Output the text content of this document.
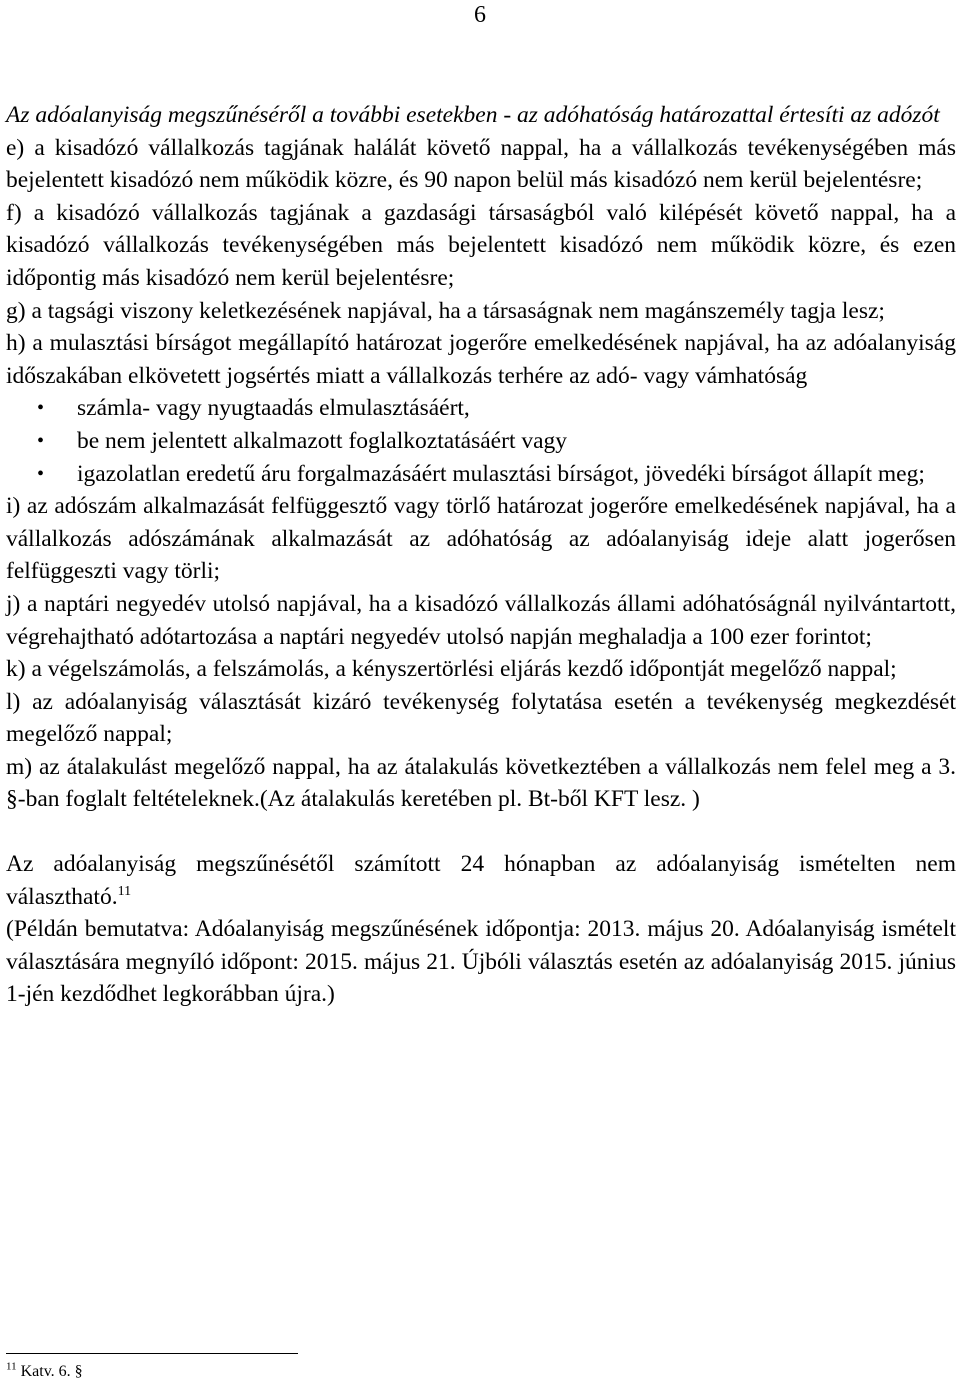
6

Az adóalanyiság megszűnéséről a további esetekben - az adóhatóság határozattal értesíti az adózót

e) a kisadózó vállalkozás tagjának halálát követő nappal, ha a vállalkozás tevékenységében más bejelentett kisadózó nem működik közre, és 90 napon belül más kisadózó nem kerül bejelentésre;

f) a kisadózó vállalkozás tagjának a gazdasági társaságból való kilépését követő nappal, ha a kisadózó vállalkozás tevékenységében más bejelentett kisadózó nem működik közre, és ezen időpontig más kisadózó nem kerül bejelentésre;

g) a tagsági viszony keletkezésének napjával, ha a társaságnak nem magánszemély tagja lesz;

h) a mulasztási bírságot megállapító határozat jogerőre emelkedésének napjával, ha az adóalanyiság időszakában elkövetett jogsértés miatt a vállalkozás terhére az adó- vagy vámhatóság

• számla- vagy nyugtaadás elmulasztásáért,
• be nem jelentett alkalmazott foglalkoztatásáért vagy
• igazolatlan eredetű áru forgalmazásáért mulasztási bírságot, jövedéki bírságot állapít meg;

i) az adószám alkalmazását felfüggesztő vagy törlő határozat jogerőre emelkedésének napjával, ha a vállalkozás adószámának alkalmazását az adóhatóság az adóalanyiság ideje alatt jogerősen felfüggeszti vagy törli;

j) a naptári negyedév utolsó napjával, ha a kisadózó vállalkozás állami adóhatóságnál nyilvántartott, végrehajtható adótartozása a naptári negyedév utolsó napján meghaladja a 100 ezer forintot;

k) a végelszámolás, a felszámolás, a kényszertörlési eljárás kezdő időpontját megelőző nappal;

l) az adóalanyiság választását kizáró tevékenység folytatása esetén a tevékenység megkezdését megelőző nappal;

m) az átalakulást megelőző nappal, ha az átalakulás következtében a vállalkozás nem felel meg a 3. §-ban foglalt feltételeknek.(Az átalakulás keretében pl. Bt-ből KFT lesz. )

Az adóalanyiság megszűnésétől számított 24 hónapban az adóalanyiság ismételten nem választható.$^{11}$

(Példán bemutatva: Adóalanyiság megszűnésének időpontja: 2013. május 20. Adóalanyiság ismételt választására megnyíló időpont: 2015. május 21. Újbóli választás esetén az adóalanyiság 2015. június 1-jén kezdődhet legkorábban újra.)

$^{11}$ Katv. 6. §
